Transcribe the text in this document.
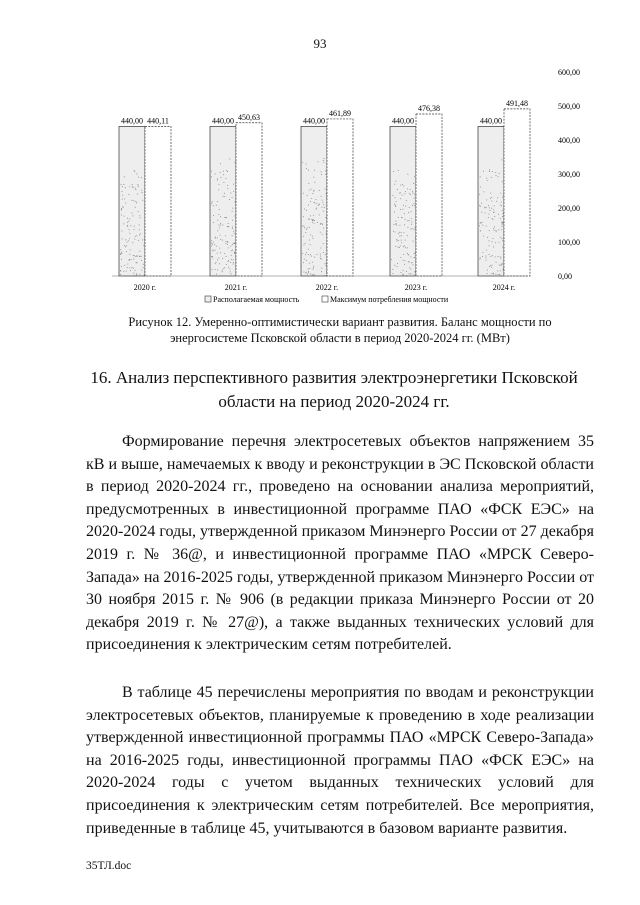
93
0,00
100,00
200,00
300,00
400,00
500,00
600,00
440,00 440,11	440,00 450,63	440,00
461,89
440,00
476,38
440,00
491,48
2020 г.	2021 г.	2022 г.	2023 г.	2024 г.
Располагаемая мощность	Максимум потребления мощности
Рисунок 12. Умеренно-оптимистически вариант развития. Баланс мощности по
энергосистеме Псковской области в период 2020-2024 гг. (МВт)
16. Анализ перспективного развития электроэнергетики Псковской
области на период 2020-2024 гг.

Формирование перечня электросетевых объектов напряжением 35 кВ и выше, намечаемых к вводу и реконструкции в ЭС Псковской области в период 2020-2024 гг., проведено на основании анализа мероприятий, предусмотренных в инвестиционной программе ПАО «ФСК ЕЭС» на 2020-2024 годы, утвержденной приказом Минэнерго России от 27 декабря 2019 г. № 36@, и инвестиционной программе ПАО «МРСК Северо-Запада» на 2016-2025 годы, утвержденной приказом Минэнерго России от 30 ноября 2015 г. № 906 (в редакции приказа Минэнерго России от 20 декабря 2019 г. № 27@), а также выданных технических условий для присоединения к электрическим сетям потребителей.

В таблице 45 перечислены мероприятия по вводам и реконструкции электросетевых объектов, планируемые к проведению в ходе реализации утвержденной инвестиционной программы ПАО «МРСК Северо-Запада» на 2016-2025 годы, инвестиционной программы ПАО «ФСК ЕЭС» на 2020-2024 годы с учетом выданных технических условий для присоединения к электрическим сетям потребителей. Все мероприятия, приведенные в таблице 45, учитываются в базовом варианте развития.

35ТЛ.doc
